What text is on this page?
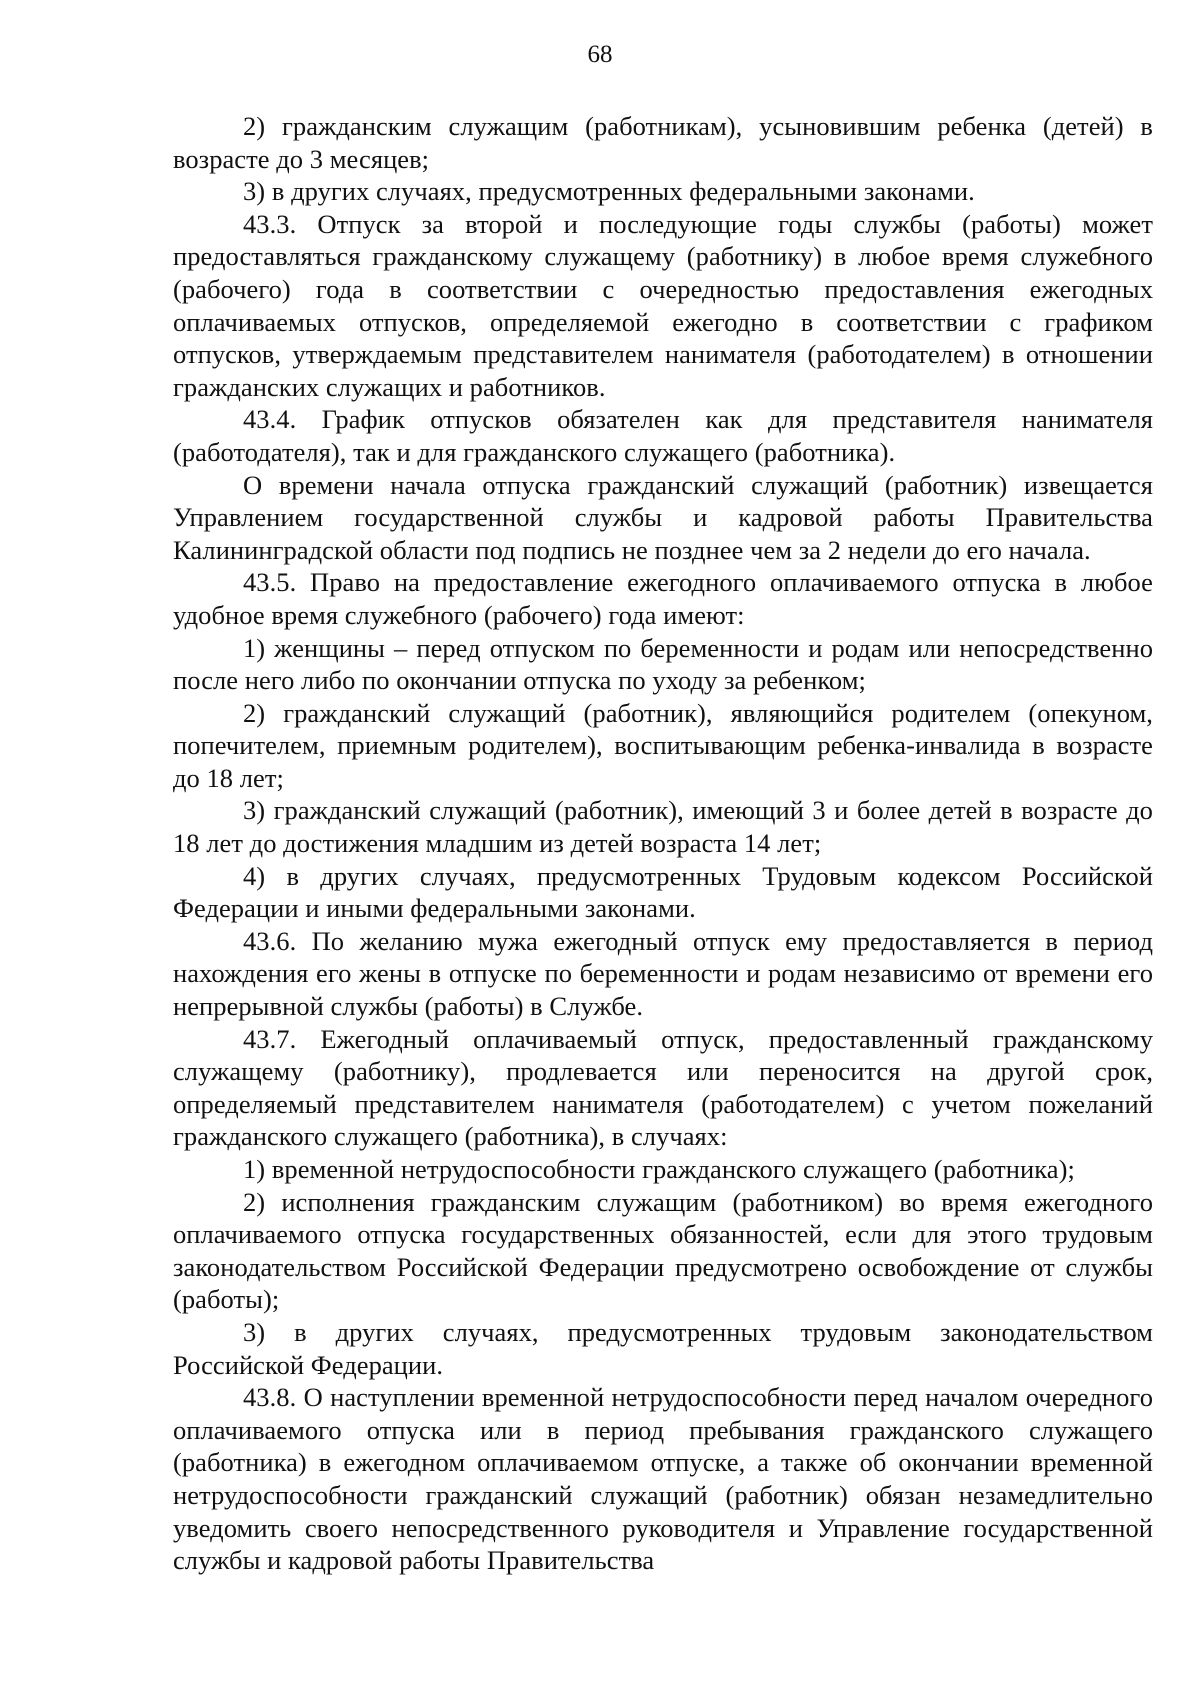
68

2) гражданским служащим (работникам), усыновившим ребенка (детей) в возрасте до 3 месяцев;

3) в других случаях, предусмотренных федеральными законами.

43.3. Отпуск за второй и последующие годы службы (работы) может предоставляться гражданскому служащему (работнику) в любое время служебного (рабочего) года в соответствии с очередностью предоставления ежегодных оплачиваемых отпусков, определяемой ежегодно в соответствии с графиком отпусков, утверждаемым представителем нанимателя (работодателем) в отношении гражданских служащих и работников.

43.4. График отпусков обязателен как для представителя нанимателя (работодателя), так и для гражданского служащего (работника).

О времени начала отпуска гражданский служащий (работник) извещается Управлением государственной службы и кадровой работы Правительства Калининградской области под подпись не позднее чем за 2 недели до его начала.

43.5. Право на предоставление ежегодного оплачиваемого отпуска в любое удобное время служебного (рабочего) года имеют:

1) женщины – перед отпуском по беременности и родам или непосредственно после него либо по окончании отпуска по уходу за ребенком;

2) гражданский служащий (работник), являющийся родителем (опекуном, попечителем, приемным родителем), воспитывающим ребенка-инвалида в возрасте до 18 лет;

3) гражданский служащий (работник), имеющий 3 и более детей в возрасте до 18 лет до достижения младшим из детей возраста 14 лет;

4) в других случаях, предусмотренных Трудовым кодексом Российской Федерации и иными федеральными законами.

43.6. По желанию мужа ежегодный отпуск ему предоставляется в период нахождения его жены в отпуске по беременности и родам независимо от времени его непрерывной службы (работы) в Службе.

43.7. Ежегодный оплачиваемый отпуск, предоставленный гражданскому служащему (работнику), продлевается или переносится на другой срок, определяемый представителем нанимателя (работодателем) с учетом пожеланий гражданского служащего (работника), в случаях:

1) временной нетрудоспособности гражданского служащего (работника);

2) исполнения гражданским служащим (работником) во время ежегодного оплачиваемого отпуска государственных обязанностей, если для этого трудовым законодательством Российской Федерации предусмотрено освобождение от службы (работы);

3) в других случаях, предусмотренных трудовым законодательством Российской Федерации.

43.8. О наступлении временной нетрудоспособности перед началом очередного оплачиваемого отпуска или в период пребывания гражданского служащего (работника) в ежегодном оплачиваемом отпуске, а также об окончании временной нетрудоспособности гражданский служащий (работник) обязан незамедлительно уведомить своего непосредственного руководителя и Управление государственной службы и кадровой работы Правительства
